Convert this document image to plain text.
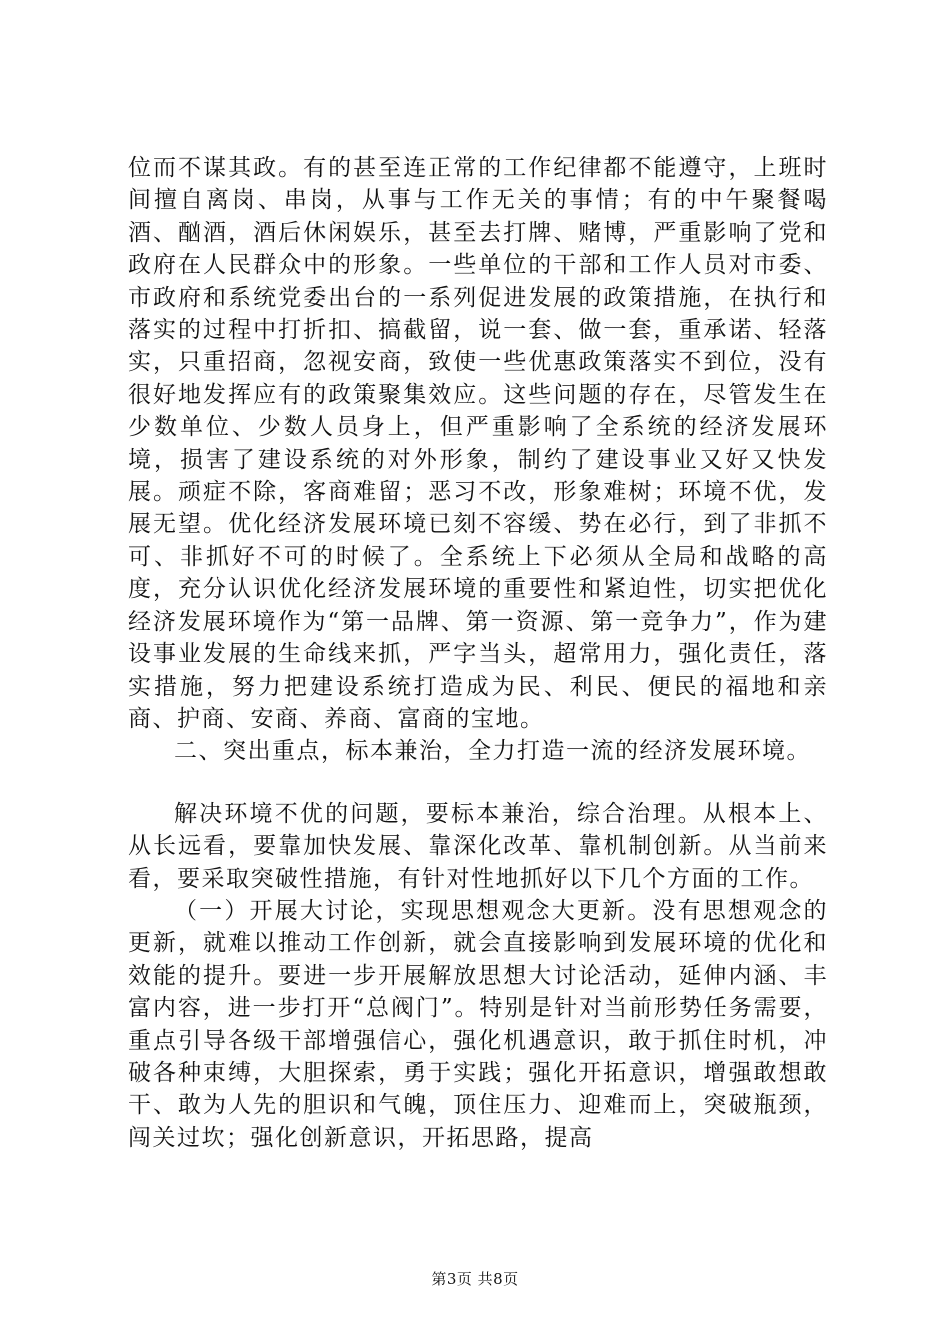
位而不谋其政。有的甚至连正常的工作纪律都不能遵守，上班时间擅自离岗、串岗，从事与工作无关的事情；有的中午聚餐喝酒、酗酒，酒后休闲娱乐，甚至去打牌、赌博，严重影响了党和政府在人民群众中的形象。一些单位的干部和工作人员对市委、市政府和系统党委出台的一系列促进发展的政策措施，在执行和落实的过程中打折扣、搞截留，说一套、做一套，重承诺、轻落实，只重招商，忽视安商，致使一些优惠政策落实不到位，没有很好地发挥应有的政策聚集效应。这些问题的存在，尽管发生在少数单位、少数人员身上，但严重影响了全系统的经济发展环境，损害了建设系统的对外形象，制约了建设事业又好又快发展。顽症不除，客商难留；恶习不改，形象难树；环境不优，发展无望。优化经济发展环境已刻不容缓、势在必行，到了非抓不可、非抓好不可的时候了。全系统上下必须从全局和战略的高度，充分认识优化经济发展环境的重要性和紧迫性，切实把优化经济发展环境作为“第一品牌、第一资源、第一竞争力”，作为建设事业发展的生命线来抓，严字当头，超常用力，强化责任，落实措施，努力把建设系统打造成为民、利民、便民的福地和亲商、护商、安商、养商、富商的宝地。

二、突出重点，标本兼治，全力打造一流的经济发展环境。

解决环境不优的问题，要标本兼治，综合治理。从根本上、从长远看，要靠加快发展、靠深化改革、靠机制创新。从当前来看，要采取突破性措施，有针对性地抓好以下几个方面的工作。

（一）开展大讨论，实现思想观念大更新。没有思想观念的更新，就难以推动工作创新，就会直接影响到发展环境的优化和效能的提升。要进一步开展解放思想大讨论活动，延伸内涵、丰富内容，进一步打开“总阀门”。特别是针对当前形势任务需要，重点引导各级干部增强信心，强化机遇意识，敢于抓住时机，冲破各种束缚，大胆探索，勇于实践；强化开拓意识，增强敢想敢干、敢为人先的胆识和气魄，顶住压力、迎难而上，突破瓶颈，闯关过坎；强化创新意识，开拓思路，提高

第3页 共8页
